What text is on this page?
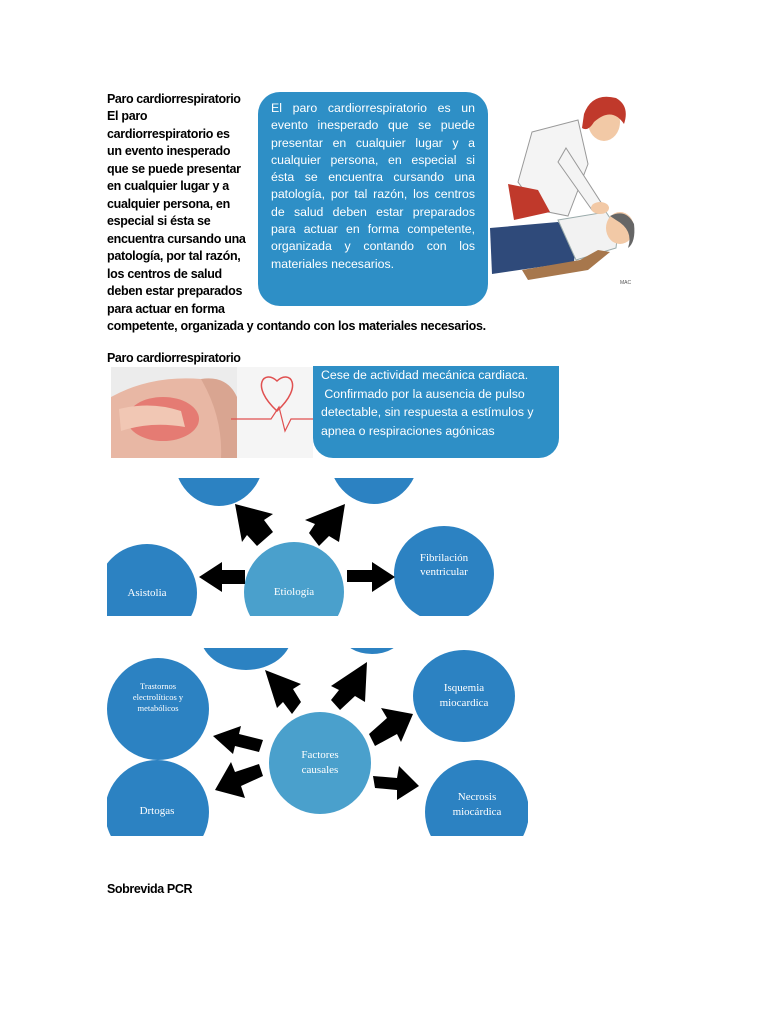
Paro cardiorrespiratorio
El paro
cardiorrespiratorio es
un evento inesperado
que se puede presentar
en cualquier lugar y a
cualquier persona, en
especial si ésta se
encuentra cursando una
patología, por tal razón,
los centros de salud
deben estar preparados
para actuar en forma
competente, organizada y contando con los materiales necesarios.
El paro cardiorrespiratorio es un evento inesperado que se puede presentar en cualquier lugar y a cualquier persona, en especial si ésta se encuentra cursando una patología, por tal razón, los centros de salud deben estar preparados para actuar en forma competente, organizada y contando con los materiales necesarios.
MAC
Paro cardiorrespiratorio
Cese de actividad mecánica cardiaca.
Confirmado por la ausencia de pulso
detectable, sin respuesta a estímulos y
apnea o respiraciones agónicas
Asistolia	Etiología
Fibrilación
ventricular
Trastornos
electrolíticos y
metabólicos
Drtogas
Factores
causales
Isquemia
miocardica
Necrosis
miocárdica
Sobrevida PCR
